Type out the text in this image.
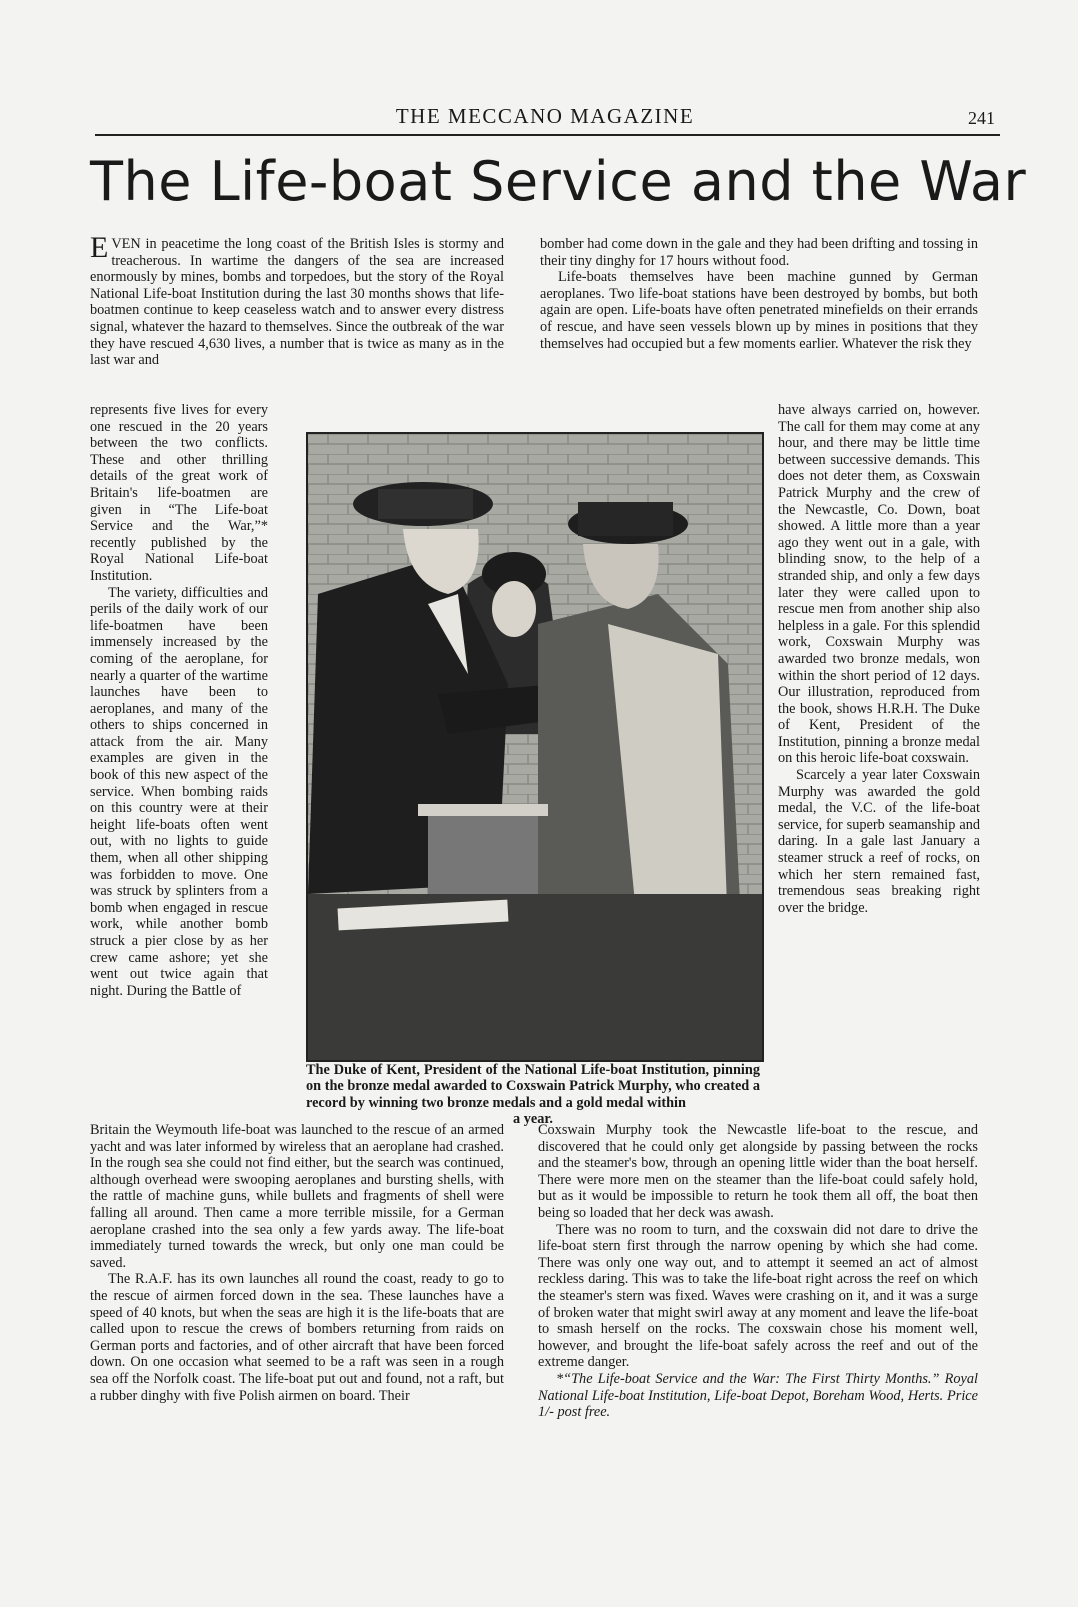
THE MECCANO MAGAZINE	241
The Life-boat Service and the War

EVEN in peacetime the long coast of the British Isles is stormy and treacherous. In wartime the dangers of the sea are increased enormously by mines, bombs and torpedoes, but the story of the Royal National Life-boat Institution during the last 30 months shows that life-boatmen continue to keep ceaseless watch and to answer every distress signal, whatever the hazard to themselves. Since the outbreak of the war they have rescued 4,630 lives, a number that is twice as many as in the last war and

represents five lives for every one rescued in the 20 years between the two conflicts. These and other thrilling details of the great work of Britain's life-boatmen are given in “The Life-boat Service and the War,”* recently published by the Royal National Life-boat Institution.

The variety, difficulties and perils of the daily work of our life-boatmen have been immensely increased by the coming of the aeroplane, for nearly a quarter of the wartime launches have been to aeroplanes, and many of the others to ships concerned in attack from the air. Many examples are given in the book of this new aspect of the service. When bombing raids on this country were at their height life-boats often went out, with no lights to guide them, when all other shipping was forbidden to move. One was struck by splinters from a bomb when engaged in rescue work, while another bomb struck a pier close by as her crew came ashore; yet she went out twice again that night. During the Battle of

Britain the Weymouth life-boat was launched to the rescue of an armed yacht and was later informed by wireless that an aeroplane had crashed. In the rough sea she could not find either, but the search was continued, although overhead were swooping aeroplanes and bursting shells, with the rattle of machine guns, while bullets and fragments of shell were falling all around. Then came a more terrible missile, for a German aeroplane crashed into the sea only a few yards away. The life-boat immediately turned towards the wreck, but only one man could be saved.

The R.A.F. has its own launches all round the coast, ready to go to the rescue of airmen forced down in the sea. These launches have a speed of 40 knots, but when the seas are high it is the life-boats that are called upon to rescue the crews of bombers returning from raids on German ports and factories, and of other aircraft that have been forced down. On one occasion what seemed to be a raft was seen in a rough sea off the Norfolk coast. The life-boat put out and found, not a raft, but a rubber dinghy with five Polish airmen on board. Their

bomber had come down in the gale and they had been drifting and tossing in their tiny dinghy for 17 hours without food.

Life-boats themselves have been machine gunned by German aeroplanes. Two life-boat stations have been destroyed by bombs, but both again are open. Life-boats have often penetrated minefields on their errands of rescue, and have seen vessels blown up by mines in positions that they themselves had occupied but a few moments earlier. Whatever the risk they

have always carried on, however. The call for them may come at any hour, and there may be little time between successive demands. This does not deter them, as Coxswain Patrick Murphy and the crew of the Newcastle, Co. Down, boat showed. A little more than a year ago they went out in a gale, with blinding snow, to the help of a stranded ship, and only a few days later they were called upon to rescue men from another ship also helpless in a gale. For this splendid work, Coxswain Murphy was awarded two bronze medals, won within the short period of 12 days. Our illustration, reproduced from the book, shows H.R.H. The Duke of Kent, President of the Institution, pinning a bronze medal on this heroic life-boat coxswain.

Scarcely a year later Coxswain Murphy was awarded the gold medal, the V.C. of the life-boat service, for superb seamanship and daring. In a gale last January a steamer struck a reef of rocks, on which her stern remained fast, tremendous seas breaking right over the bridge.

Coxswain Murphy took the Newcastle life-boat to the rescue, and discovered that he could only get alongside by passing between the rocks and the steamer's bow, through an opening little wider than the boat herself. There were more men on the steamer than the life-boat could safely hold, but as it would be impossible to return he took them all off, the boat then being so loaded that her deck was awash.

There was no room to turn, and the coxswain did not dare to drive the life-boat stern first through the narrow opening by which she had come. There was only one way out, and to attempt it seemed an act of almost reckless daring. This was to take the life-boat right across the reef on which the steamer's stern was fixed. Waves were crashing on it, and it was a surge of broken water that might swirl away at any moment and leave the life-boat to smash herself on the rocks. The coxswain chose his moment well, however, and brought the life-boat safely across the reef and out of the extreme danger.

*“The Life-boat Service and the War: The First Thirty Months.” Royal National Life-boat Institution, Life-boat Depot, Boreham Wood, Herts. Price 1/- post free.

The Duke of Kent, President of the National Life-boat Institution, pinning on the bronze medal awarded to Coxswain Patrick Murphy, who created a record by winning two bronze medals and a gold medal within
a year.
